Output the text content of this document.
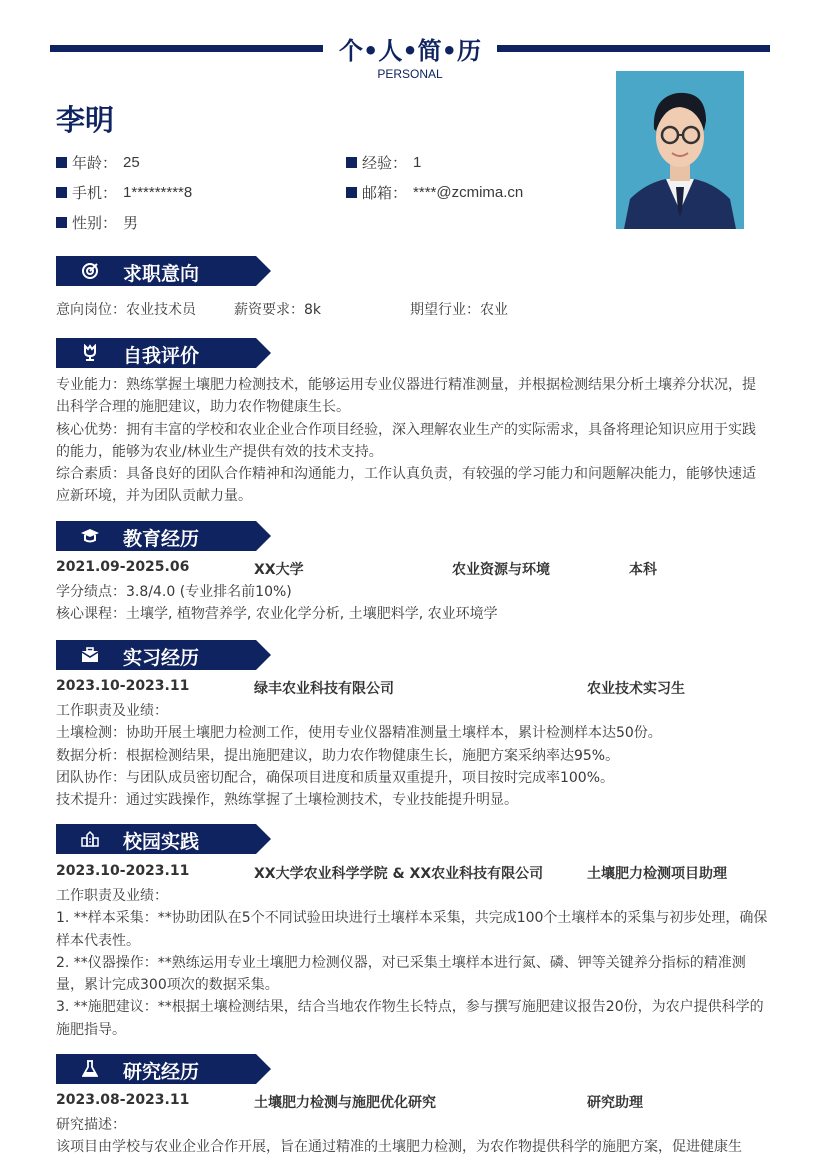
个•人•简•历
PERSONAL
李明
年龄： 25	经验： 1
手机： 1*********8	邮箱： ****@zcmima.cn
性别： 男
求职意向
意向岗位：农业技术员	薪资要求：8k	期望行业：农业
自我评价
专业能力：熟练掌握土壤肥力检测技术，能够运用专业仪器进行精准测量，并根据检测结果分析土壤养分状况，提出科学合理的施肥建议，助力农作物健康生长。
核心优势：拥有丰富的学校和农业企业合作项目经验，深入理解农业生产的实际需求，具备将理论知识应用于实践的能力，能够为农业/林业生产提供有效的技术支持。
综合素质：具备良好的团队合作精神和沟通能力，工作认真负责，有较强的学习能力和问题解决能力，能够快速适应新环境，并为团队贡献力量。
教育经历
2021.09-2025.06	XX大学	农业资源与环境	本科
学分绩点：3.8/4.0 (专业排名前10%)
核心课程：土壤学, 植物营养学, 农业化学分析, 土壤肥料学, 农业环境学
实习经历
2023.10-2023.11	绿丰农业科技有限公司	农业技术实习生
工作职责及业绩：
土壤检测：协助开展土壤肥力检测工作，使用专业仪器精准测量土壤样本，累计检测样本达50份。
数据分析：根据检测结果，提出施肥建议，助力农作物健康生长，施肥方案采纳率达95%。
团队协作：与团队成员密切配合，确保项目进度和质量双重提升，项目按时完成率100%。
技术提升：通过实践操作，熟练掌握了土壤检测技术，专业技能提升明显。
校园实践
2023.10-2023.11	XX大学农业科学学院 & XX农业科技有限公司	土壤肥力检测项目助理
工作职责及业绩：
1. **样本采集：**协助团队在5个不同试验田块进行土壤样本采集，共完成100个土壤样本的采集与初步处理，确保样本代表性。
2. **仪器操作：**熟练运用专业土壤肥力检测仪器，对已采集土壤样本进行氮、磷、钾等关键养分指标的精准测量，累计完成300项次的数据采集。
3. **施肥建议：**根据土壤检测结果，结合当地农作物生长特点，参与撰写施肥建议报告20份，为农户提供科学的施肥指导。
研究经历
2023.08-2023.11	土壤肥力检测与施肥优化研究	研究助理
研究描述：
该项目由学校与农业企业合作开展，旨在通过精准的土壤肥力检测，为农作物提供科学的施肥方案，促进健康生
